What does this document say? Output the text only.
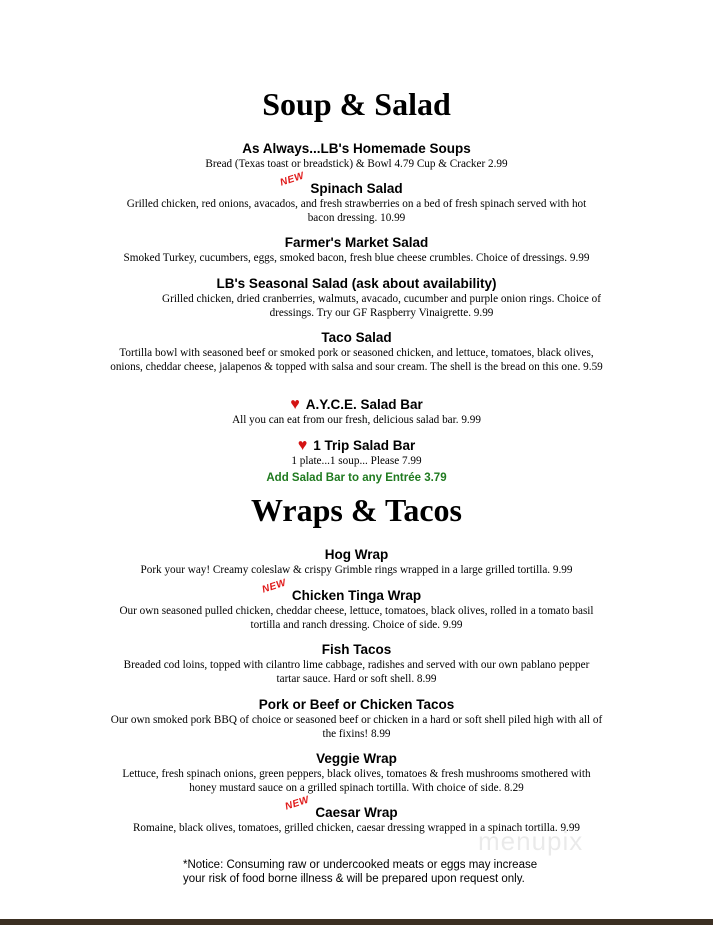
Soup & Salad
As Always...LB's Homemade Soups
Bread (Texas toast or breadstick) & Bowl 4.79 Cup & Cracker 2.99
NEW Spinach Salad
Grilled chicken, red onions, avacados, and fresh strawberries on a bed of fresh spinach served with hot bacon dressing. 10.99
Farmer's Market Salad
Smoked Turkey, cucumbers, eggs, smoked bacon, fresh blue cheese crumbles. Choice of dressings. 9.99
LB's Seasonal Salad (ask about availability)
Grilled chicken, dried cranberries, walmuts, avacado, cucumber and purple onion rings. Choice of dressings. Try our GF Raspberry Vinaigrette. 9.99
Taco Salad
Tortilla bowl with seasoned beef or smoked pork or seasoned chicken, and lettuce, tomatoes, black olives, onions, cheddar cheese, jalapenos & topped with salsa and sour cream. The shell is the bread on this one. 9.59
♥ A.Y.C.E. Salad Bar
All you can eat from our fresh, delicious salad bar. 9.99
♥ 1 Trip Salad Bar
1 plate...1 soup... Please 7.99
Add Salad Bar to any Entrée 3.79
Wraps & Tacos
Hog Wrap
Pork your way! Creamy coleslaw & crispy Grimble rings wrapped in a large grilled tortilla. 9.99
NEW Chicken Tinga Wrap
Our own seasoned pulled chicken, cheddar cheese, lettuce, tomatoes, black olives, rolled in a tomato basil tortilla and ranch dressing. Choice of side. 9.99
Fish Tacos
Breaded cod loins, topped with cilantro lime cabbage, radishes and served with our own pablano pepper tartar sauce. Hard or soft shell. 8.99
Pork or Beef or Chicken Tacos
Our own smoked pork BBQ of choice or seasoned beef or chicken in a hard or soft shell piled high with all of the fixins! 8.99
Veggie Wrap
Lettuce, fresh spinach onions, green peppers, black olives, tomatoes & fresh mushrooms smothered with honey mustard sauce on a grilled spinach tortilla. With choice of side. 8.29
NEW Caesar Wrap
Romaine, black olives, tomatoes, grilled chicken, caesar dressing wrapped in a spinach tortilla. 9.99
menupix
*Notice: Consuming raw or undercooked meats or eggs may increase
your risk of food borne illness & will be prepared upon request only.
